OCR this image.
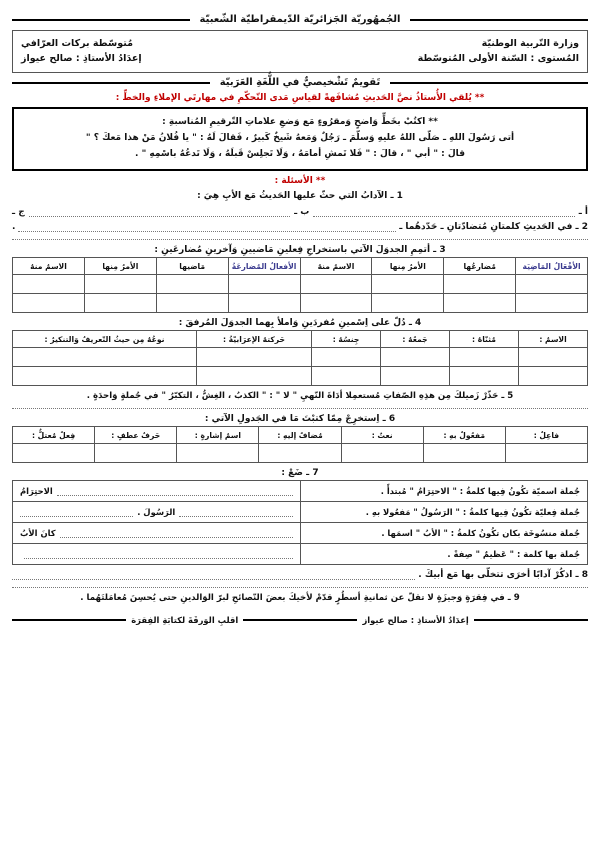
الجُمهُوريّة الجَزائريّة الدّيمقراطيّة الشّعبيّة
وزارة التّربية الوطنيّة
مُتوسّطة بركات العرّافي
المُستوى : السّنة الأولى المُتوسّطة
إعدَادُ الأستاذِ : صالح عيواز
تَقويمٌ تَشْخيصيٌّ في اللُّغَةِ العَرَبيّة
** يُلقي الأُستاذُ نصَّ الحَديثِ مُشافَهةً لقياسِ مَدى التّحكّمِ في مهارتَي الإملاءِ والخطِّ :
** اكتُبْ بخَطٍّ وَاضحٍ وَمقرُوءٍ مَع وَضعِ علاماتِ التّرقيمِ المُناسبةِ :
أتى رَسُولَ اللهِ ـ صَلّى اللهُ عليهِ وَسلّمَ ـ رَجُلٌ وَمَعهُ شَيخٌ كَبيرٌ ، فَقالَ لَهُ : " يا فُلانُ مَنْ هذا مَعكَ ؟ "
قالَ : " أبي " ، قالَ : " فَلا تَمشِ أمامَهُ ، وَلَا تَجلِسْ قَبلَهُ ، وَلَا تَدعُهُ باسْمِهِ " .
** الأسئلة :
1 ـ الآدابُ التي حثّ عليها الحَديثُ مَع الأبِ هِيَ :
أ ـ
ب ـ
ج ـ
2 ـ في الحَديثِ كلمتانِ مُتضادّتانِ ـ حَدّدهُما ـ
.
3 ـ أتمِمِ الجدوَلَ الآتي باستخراجِ فِعلينِ مَاضيينِ وَآخرينِ مُضارعَينِ :
الأفْعَالُ المَاضِيَة	مُضارعُها	الأمرُ مِنها	الاسمُ منهُ	الأفعالُ المُضارعَةُ	مَاضيها	الأمرُ مِنها	الاسمُ منهُ

4 ـ دُلّ على اِسْمينِ مُفردَينِ وَاملأ بِهما الجدوَلَ المُرفقَ :
الاسمُ :	مُثنّاهُ :	جَمعُهُ :	جِنسُهُ :	حَركتهُ الإعرَابيّةُ :	نوعُهُ مِن حيثُ التّعريفُ وَالتنكيرُ :

5 ـ حَذّرْ زَميلكَ مِن هذِهِ الصّفاتِ مُستعمِلا أدَاةَ النّهيِ " لا " : " الكذبُ ، الغِشُّ ، التكبّرُ " في جُملةٍ وَاحدَةٍ .
6 ـ اِستخرِجْ مِمّا كتبْتَ مَا في الجَدولِ الآتي :
فاعِلٌ :	مَفعُولٌ بهِ :	نعتٌ :	مُضافٌ إليهِ :	اسمُ إشارةٍ :	حَرفُ عطفٍ :	فِعلٌ مُعتلٌّ :

7 ـ ضَعْ :
جُملة اسميّة تكُونُ فِيها كلمةُ : " الاحتِرَامُ " مُبتدأً .	الاحتِرَامُ

جُملة فِعليّة تكُونُ فِيها كلمةُ : " الرَسُولُ " مَفعُولا بهِ .	الرَسُولَ .

جُملة منسُوخَة بكان تكُونُ كلمةُ : " الأبُ " اسمَها .	كانَ الأبُ

جُملة بها كلمة : " عَظيمٌ " صِفةً .	
8 ـ اذكُرْ آدابًا أخرَى تتخلّى بها مَع أبيكَ .
9 ـ في فِقرَةٍ وَجيزَةٍ لا تقلّ عن ثمانيةِ أسطُرٍ قدّمْ لأخيكَ بعضَ النّصائحِ لبرّ الوَالدينِ حتى يُحسِنَ مُعامَلتَهُما .
إعدَادُ الأستاذِ : صالح عيواز
اقلبِ الوَرقَةَ لكتابَةِ الفِقرَة
